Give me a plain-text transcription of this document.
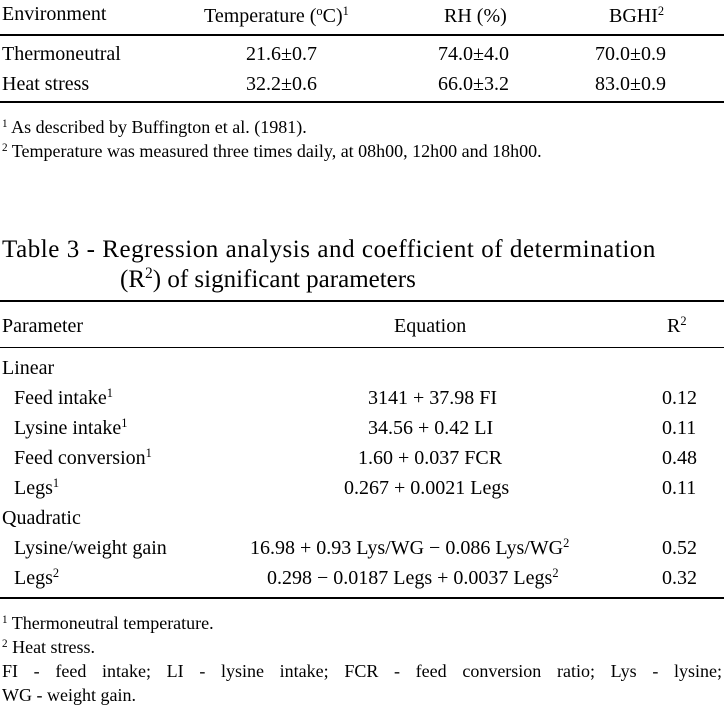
Environment	Temperature $(^oC)^1$	RH (%)	BGHI$^2$
Thermoneutral	21.6±0.7	74.0±4.0	70.0±0.9
Heat stress	32.2±0.6	66.0±3.2	83.0±0.9
$^1$ As described by Buffington et al. (1981).
$^2$ Temperature was measured three times daily, at 08h00, 12h00 and 18h00.
Table 3 - Regression analysis and coefficient of determination
$(R^2)$ of significant parameters
Parameter	Equation	$R^2$
Linear
Feed intake$^1$	3141 + 37.98 FI	0.12
Lysine intake$^1$	34.56 + 0.42 LI	0.11
Feed conversion$^1$	1.60 + 0.037 FCR	0.48
Legs$^1$	0.267 + 0.0021 Legs	0.11
Quadratic
Lysine/weight gain	16.98 + 0.93 Lys/WG − 0.086 Lys/$WG^2$	0.52
Legs$^2$	0.298 − 0.0187 Legs + 0.0037 Legs$^2$	0.32
$^1$ Thermoneutral temperature.
$^2$ Heat stress.
FI - feed intake; LI - lysine intake; FCR - feed conversion ratio; Lys - lysine;
WG - weight gain.
